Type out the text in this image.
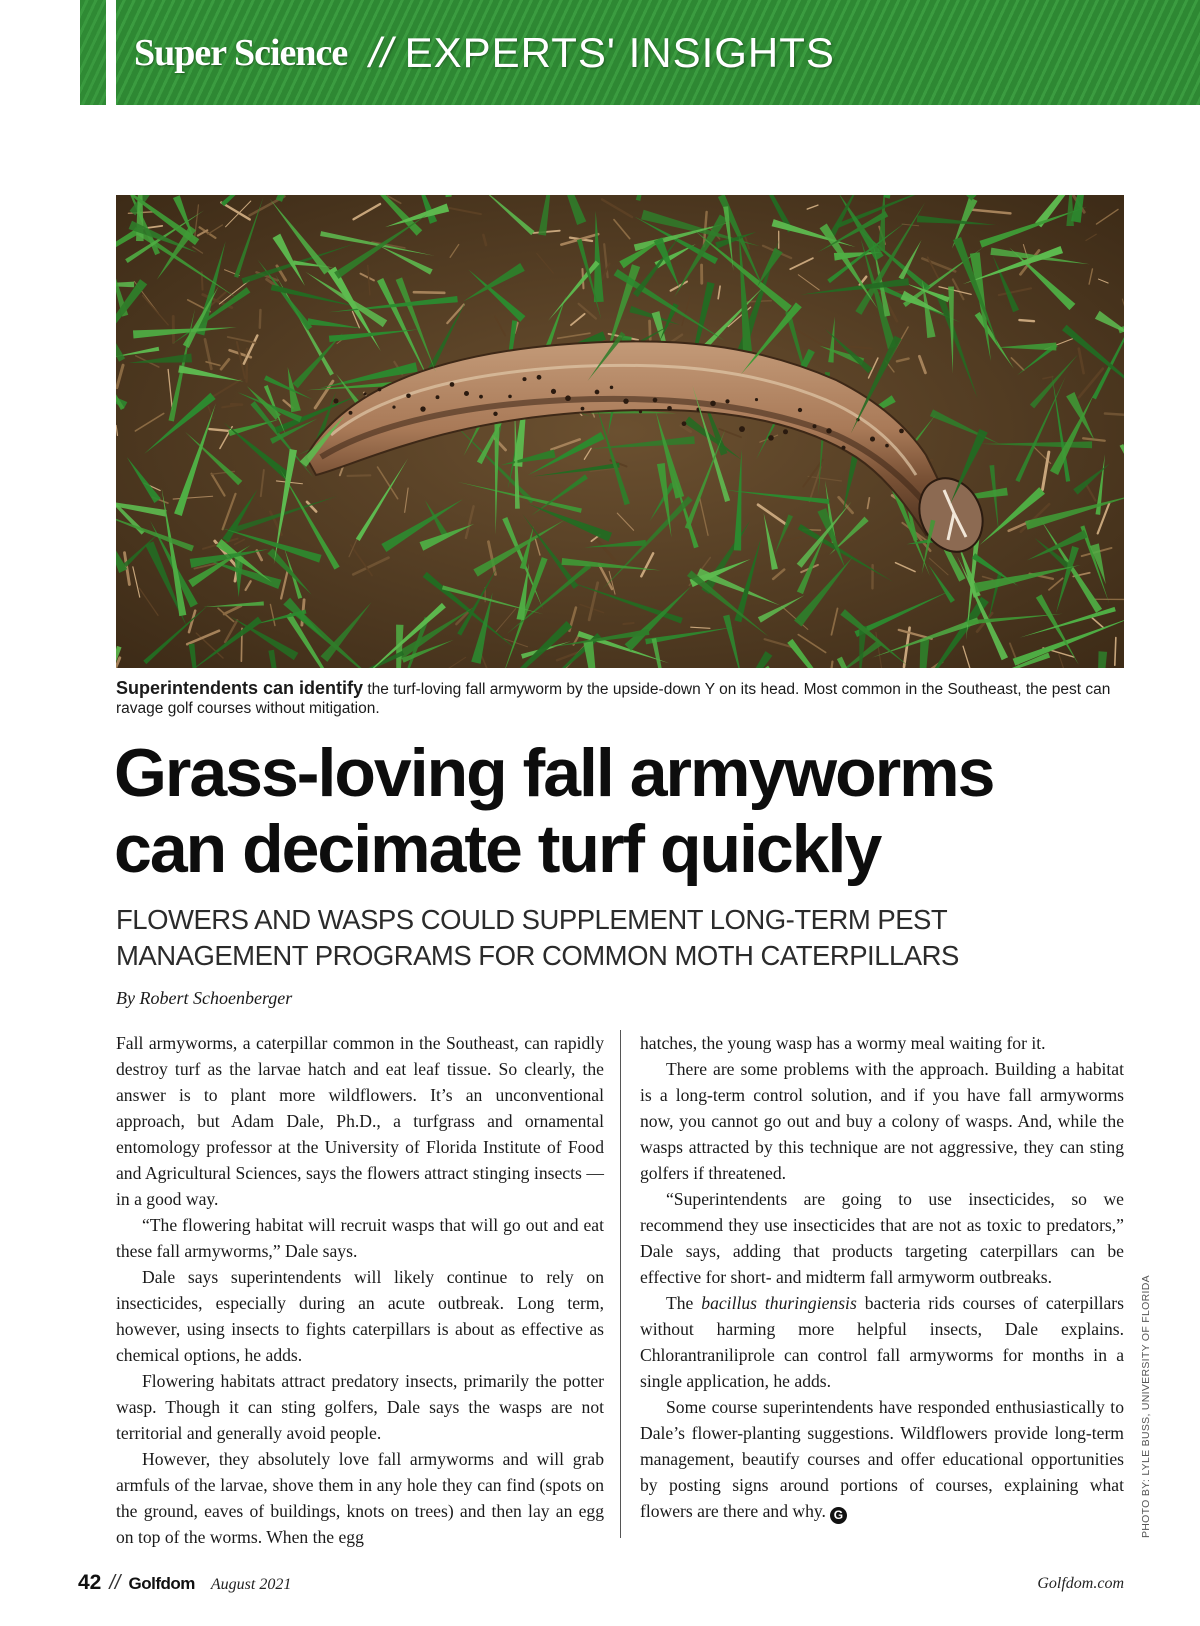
Super Science // EXPERTS' INSIGHTS
Superintendents can identify the turf-loving fall armyworm by the upside-down Y on its head. Most common in the Southeast, the pest can ravage golf courses without mitigation.
Grass-loving fall armyworms
can decimate turf quickly
FLOWERS AND WASPS COULD SUPPLEMENT LONG-TERM PEST
MANAGEMENT PROGRAMS FOR COMMON MOTH CATERPILLARS
By Robert Schoenberger

Fall armyworms, a caterpillar common in the Southeast, can rapidly destroy turf as the larvae hatch and eat leaf tissue. So clearly, the answer is to plant more wildflowers. It’s an unconventional approach, but Adam Dale, Ph.D., a turfgrass and ornamental entomology professor at the University of Florida Institute of Food and Agricultural Sciences, says the flowers attract stinging insects — in a good way.

“The flowering habitat will recruit wasps that will go out and eat these fall armyworms,” Dale says.

Dale says superintendents will likely continue to rely on insecticides, especially during an acute outbreak. Long term, however, using insects to fights caterpillars is about as effective as chemical options, he adds.

Flowering habitats attract predatory insects, primarily the potter wasp. Though it can sting golfers, Dale says the wasps are not territorial and generally avoid people.

However, they absolutely love fall armyworms and will grab armfuls of the larvae, shove them in any hole they can find (spots on the ground, eaves of buildings, knots on trees) and then lay an egg on top of the worms. When the egg

hatches, the young wasp has a wormy meal waiting for it.

There are some problems with the approach. Building a habitat is a long-term control solution, and if you have fall armyworms now, you cannot go out and buy a colony of wasps. And, while the wasps attracted by this technique are not aggressive, they can sting golfers if threatened.

“Superintendents are going to use insecticides, so we recommend they use insecticides that are not as toxic to predators,” Dale says, adding that products targeting caterpillars can be effective for short- and midterm fall armyworm outbreaks.

The bacillus thuringiensis bacteria rids courses of caterpillars without harming more helpful insects, Dale explains. Chlorantraniliprole can control fall armyworms for months in a single application, he adds.

Some course superintendents have responded enthusiastically to Dale’s flower-planting suggestions. Wildflowers provide long-term management, beautify courses and offer educational opportunities by posting signs around portions of courses, explaining what flowers are there and why. G	PHOTO BY: LYLE BUSS, UNIVERSITY OF FLORIDA
42 // Golfdom August 2021	Golfdom.com
